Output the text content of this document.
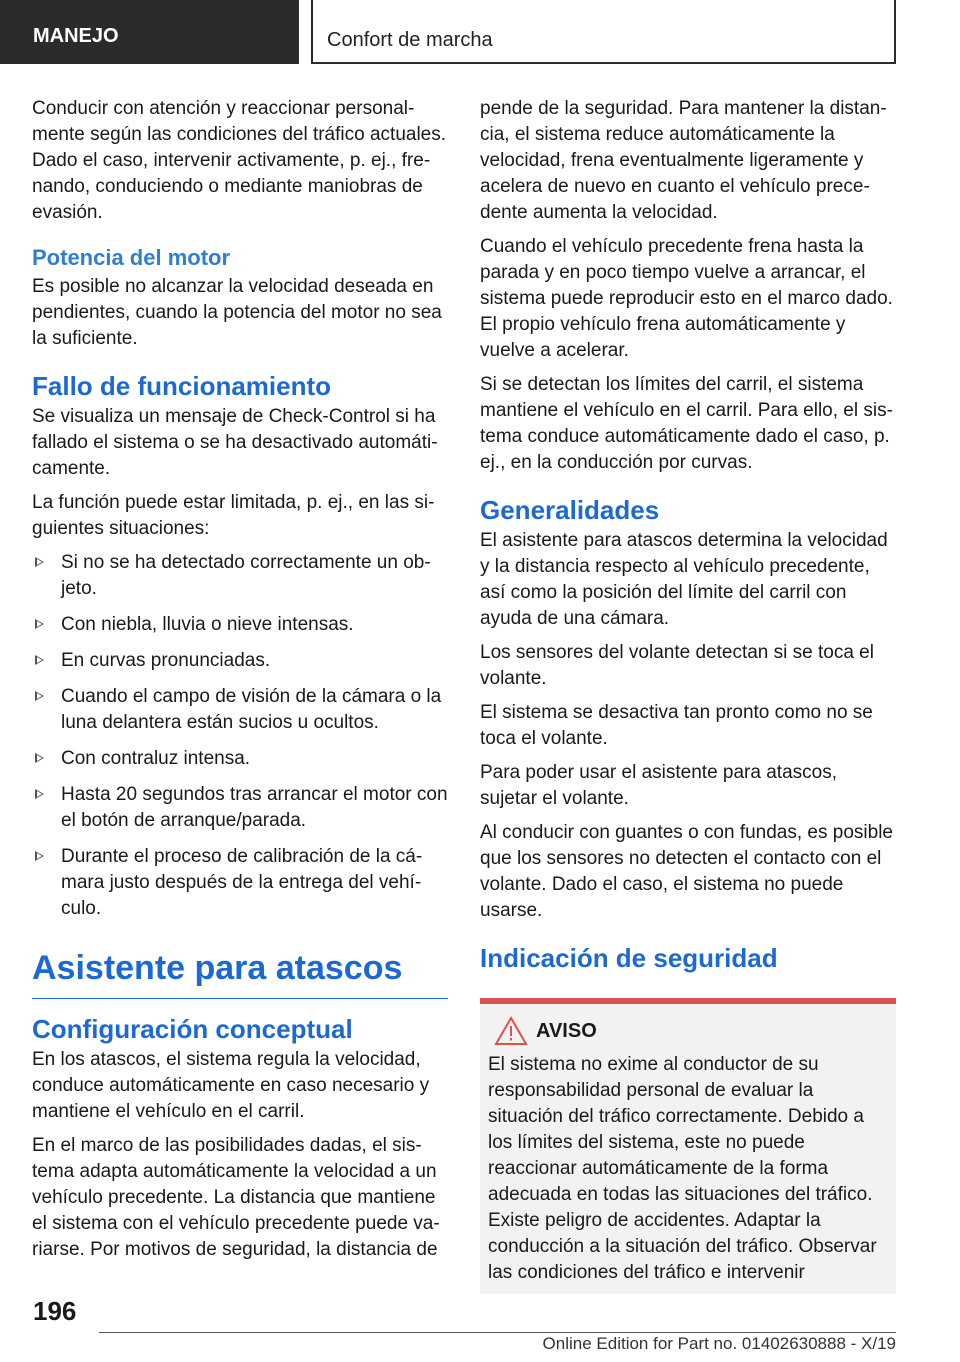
MANEJO	Confort de marcha

Conducir con atención y reaccionar personalmente según las condiciones del tráfico actuales. Dado el caso, intervenir activamente, p. ej., frenando, conduciendo o mediante maniobras de evasión.

Potencia del motor

Es posible no alcanzar la velocidad deseada en pendientes, cuando la potencia del motor no sea la suficiente.

Fallo de funcionamiento

Se visualiza un mensaje de Check-Control si ha fallado el sistema o se ha desactivado automáticamente.

La función puede estar limitada, p. ej., en las siguientes situaciones:

Si no se ha detectado correctamente un objeto.
Con niebla, lluvia o nieve intensas.
En curvas pronunciadas.
Cuando el campo de visión de la cámara o la luna delantera están sucios u ocultos.
Con contraluz intensa.
Hasta 20 segundos tras arrancar el motor con el botón de arranque/parada.
Durante el proceso de calibración de la cámara justo después de la entrega del vehículo.
Asistente para atascos
Configuración conceptual

En los atascos, el sistema regula la velocidad, conduce automáticamente en caso necesario y mantiene el vehículo en el carril.

En el marco de las posibilidades dadas, el sistema adapta automáticamente la velocidad a un vehículo precedente. La distancia que mantiene el sistema con el vehículo precedente puede variarse. Por motivos de seguridad, la distancia de

pende de la seguridad. Para mantener la distancia, el sistema reduce automáticamente la velocidad, frena eventualmente ligeramente y acelera de nuevo en cuanto el vehículo precedente aumenta la velocidad.

Cuando el vehículo precedente frena hasta la parada y en poco tiempo vuelve a arrancar, el sistema puede reproducir esto en el marco dado. El propio vehículo frena automáticamente y vuelve a acelerar.

Si se detectan los límites del carril, el sistema mantiene el vehículo en el carril. Para ello, el sistema conduce automáticamente dado el caso, p. ej., en la conducción por curvas.

Generalidades

El asistente para atascos determina la velocidad y la distancia respecto al vehículo precedente, así como la posición del límite del carril con ayuda de una cámara.

Los sensores del volante detectan si se toca el volante.

El sistema se desactiva tan pronto como no se toca el volante.

Para poder usar el asistente para atascos, sujetar el volante.

Al conducir con guantes o con fundas, es posible que los sensores no detecten el contacto con el volante. Dado el caso, el sistema no puede usarse.

Indicación de seguridad
AVISO

El sistema no exime al conductor de su responsabilidad personal de evaluar la situación del tráfico correctamente. Debido a los límites del sistema, este no puede reaccionar automáticamente de la forma adecuada en todas las situaciones del tráfico. Existe peligro de accidentes. Adaptar la conducción a la situación del tráfico. Observar las condiciones del tráfico e intervenir

196
Online Edition for Part no. 01402630888 - X/19
